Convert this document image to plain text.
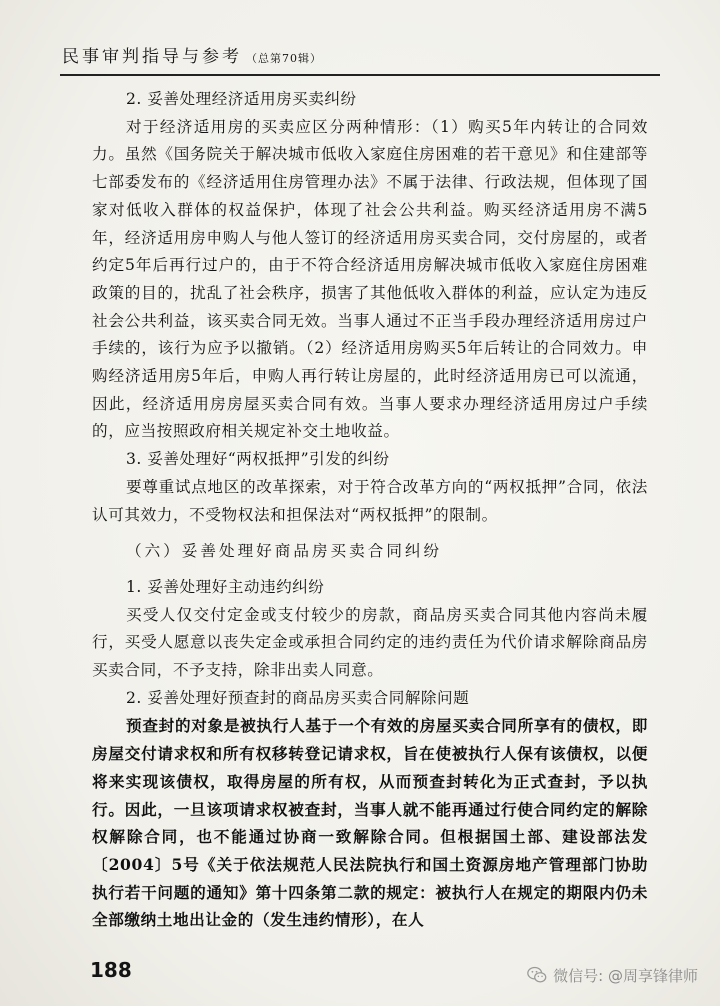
民事审判指导与参考 （总第70辑）

2. 妥善处理经济适用房买卖纠纷

对于经济适用房的买卖应区分两种情形：（1）购买5年内转让的合同效力。虽然《国务院关于解决城市低收入家庭住房困难的若干意见》和住建部等七部委发布的《经济适用住房管理办法》不属于法律、行政法规，但体现了国家对低收入群体的权益保护，体现了社会公共利益。购买经济适用房不满5年，经济适用房申购人与他人签订的经济适用房买卖合同，交付房屋的，或者约定5年后再行过户的，由于不符合经济适用房解决城市低收入家庭住房困难政策的目的，扰乱了社会秩序，损害了其他低收入群体的利益，应认定为违反社会公共利益，该买卖合同无效。当事人通过不正当手段办理经济适用房过户手续的，该行为应予以撤销。（2）经济适用房购买5年后转让的合同效力。申购经济适用房5年后，申购人再行转让房屋的，此时经济适用房已可以流通，因此，经济适用房房屋买卖合同有效。当事人要求办理经济适用房过户手续的，应当按照政府相关规定补交土地收益。

3. 妥善处理好“两权抵押”引发的纠纷

要尊重试点地区的改革探索，对于符合改革方向的“两权抵押”合同，依法认可其效力，不受物权法和担保法对“两权抵押”的限制。

（六）妥善处理好商品房买卖合同纠纷

1. 妥善处理好主动违约纠纷

买受人仅交付定金或支付较少的房款，商品房买卖合同其他内容尚未履行，买受人愿意以丧失定金或承担合同约定的违约责任为代价请求解除商品房买卖合同，不予支持，除非出卖人同意。

2. 妥善处理好预查封的商品房买卖合同解除问题

预查封的对象是被执行人基于一个有效的房屋买卖合同所享有的债权，即房屋交付请求权和所有权移转登记请求权，旨在使被执行人保有该债权，以便将来实现该债权，取得房屋的所有权，从而预查封转化为正式查封，予以执行。因此，一旦该项请求权被查封，当事人就不能再通过行使合同约定的解除权解除合同，也不能通过协商一致解除合同。但根据国土部、建设部法发〔2004〕5号《关于依法规范人民法院执行和国土资源房地产管理部门协助执行若干问题的通知》第十四条第二款的规定：被执行人在规定的期限内仍未全部缴纳土地出让金的（发生违约情形），在人

188	微信号: @周享锋律师
